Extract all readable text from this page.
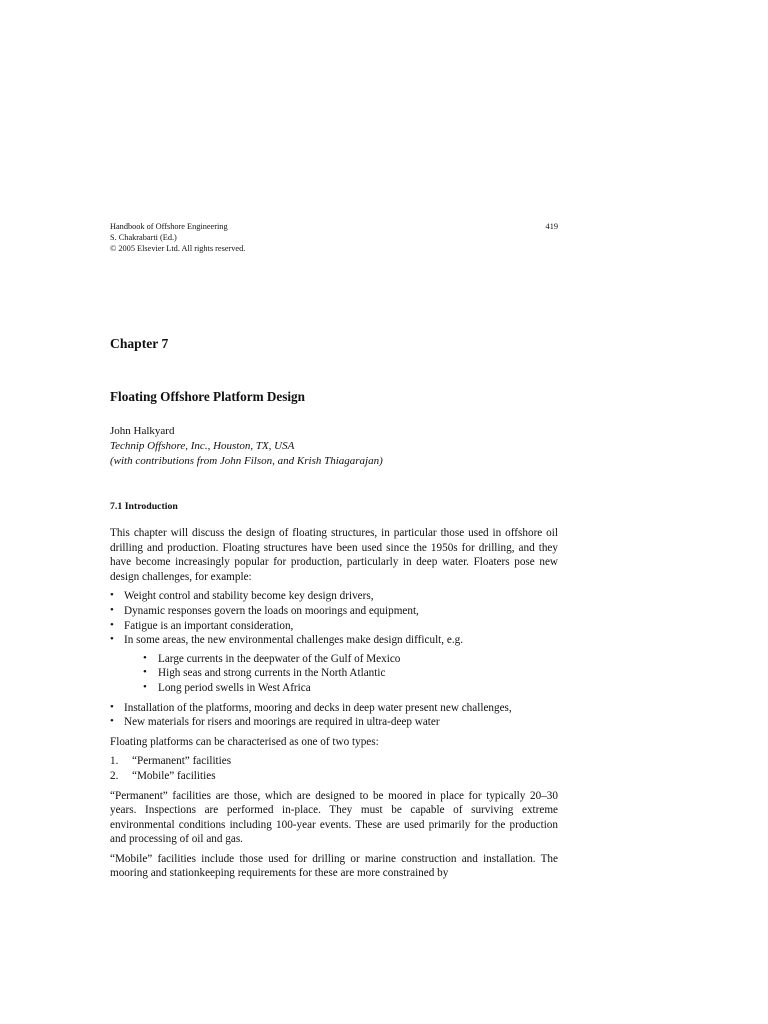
Handbook of Offshore Engineering
S. Chakrabarti (Ed.)
© 2005 Elsevier Ltd. All rights reserved.
419
Chapter 7
Floating Offshore Platform Design
John Halkyard
Technip Offshore, Inc., Houston, TX, USA
(with contributions from John Filson, and Krish Thiagarajan)
7.1 Introduction

This chapter will discuss the design of floating structures, in particular those used in offshore oil drilling and production. Floating structures have been used since the 1950s for drilling, and they have become increasingly popular for production, particularly in deep water. Floaters pose new design challenges, for example:

• Weight control and stability become key design drivers,
• Dynamic responses govern the loads on moorings and equipment,
• Fatigue is an important consideration,
• In some areas, the new environmental challenges make design difficult, e.g.
• Large currents in the deepwater of the Gulf of Mexico
• High seas and strong currents in the North Atlantic
• Long period swells in West Africa
• Installation of the platforms, mooring and decks in deep water present new challenges,
• New materials for risers and moorings are required in ultra-deep water

Floating platforms can be characterised as one of two types:

1. “Permanent” facilities
2. “Mobile” facilities

“Permanent” facilities are those, which are designed to be moored in place for typically 20–30 years. Inspections are performed in-place. They must be capable of surviving extreme environmental conditions including 100-year events. These are used primarily for the production and processing of oil and gas.

“Mobile” facilities include those used for drilling or marine construction and installation. The mooring and stationkeeping requirements for these are more constrained by
